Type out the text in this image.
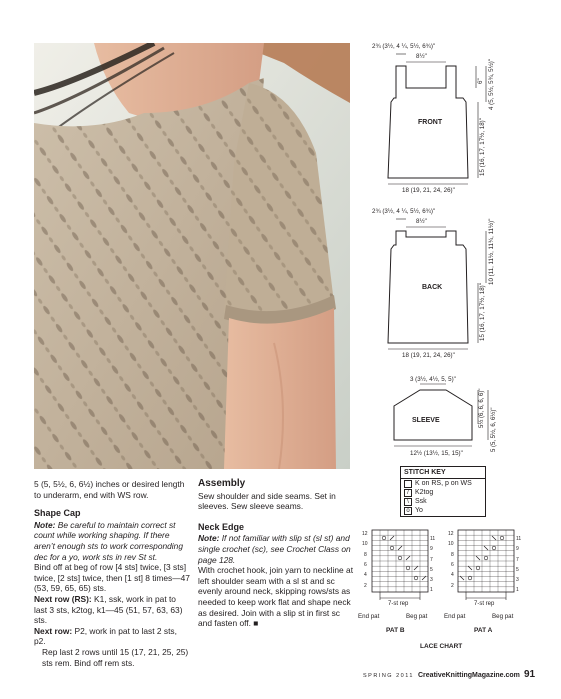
2¾ (3½, 4 ¼, 5½, 6¾)"
8½"
6" 4 (5, 5½, 5¾, 5½)"
15 (16, 17, 17½, 18)"
FRONT
18 (19, 21, 24, 26)"
2¾ (3½, 4 ¼, 5½, 6¾)"
8½"	10 (11, 11½, 11¾, 11½)"
15 (16, 17, 17½, 18)"
BACK
18 (19, 21, 24, 26)"
3 (3½, 4½, 5, 5)"
SLEEVE	5½ (6, 6, 6, 6)" 5 (5, 5½, 6, 6½)"
12½ (13½, 15, 15)"

5 (5, 5½, 6, 6½) inches or desired length to underarm, end with WS row.

Shape Cap

Note: Be careful to maintain correct st count while working shaping. If there aren’t enough sts to work corresponding dec for a yo, work sts in rev St st.

Bind off at beg of row [4 sts] twice, [3 sts] twice, [2 sts] twice, then [1 st] 8 times—47 (53, 59, 65, 65) sts.

Next row (RS): K1, ssk, work in pat to last 3 sts, k2tog, k1—45 (51, 57, 63, 63) sts.

Next row: P2, work in pat to last 2 sts, p2.

Rep last 2 rows until 15 (17, 21, 25, 25) sts rem. Bind off rem sts.

Assembly

Sew shoulder and side seams. Set in sleeves. Sew sleeve seams.

Neck Edge

Note: If not familiar with slip st (sl st) and single crochet (sc), see Crochet Class on page 128.

With crochet hook, join yarn to neckline at left shoulder seam with a sl st and sc evenly around neck, skipping rows/sts as needed to keep work flat and shape neck as desired. Join with a slip st in first sc and fasten off. ■

STITCH KEY
K on RS, p on WS
/ K2tog
\ Ssk
o Yo
7-st rep
12
10
8
6
4
2
11
9
7
5
3
1
End pat	Beg pat
PAT B
7-st rep
12
10
8
6
4
2
11
9
7
5
3
1
End pat	Beg pat
PAT A
LACE CHART
SPRING 2011 CreativeKnittingMagazine.com 91
